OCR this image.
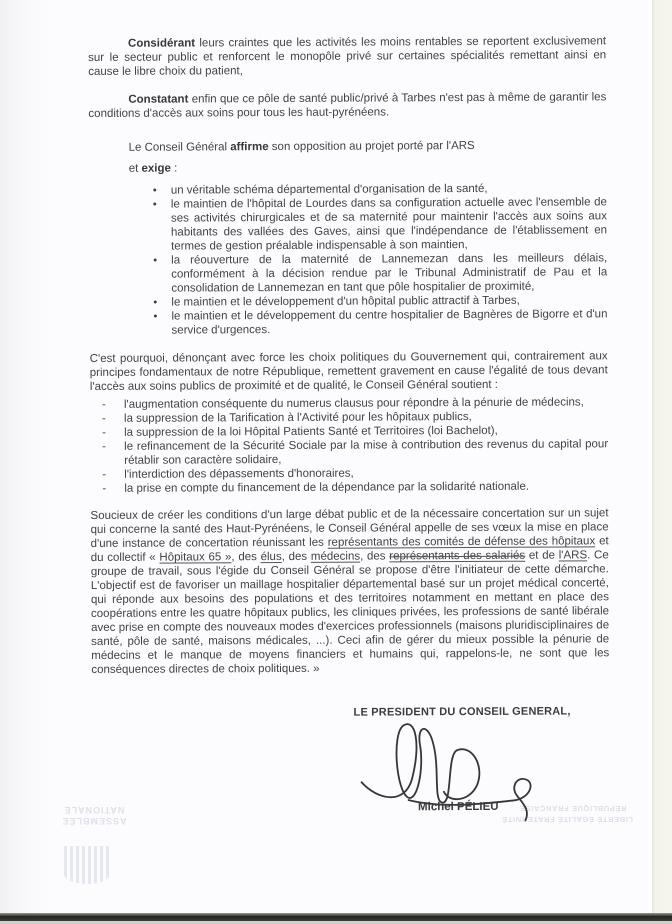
ASSEMBLÉE
NATIONALE
LIBERTÉ ÉGALITÉ FRATERNITÉ
RÉPUBLIQUE FRANÇAISE

Considérant leurs craintes que les activités les moins rentables se reportent exclusivement sur le secteur public et renforcent le monopôle privé sur certaines spécialités remettant ainsi en cause le libre choix du patient,

Constatant enfin que ce pôle de santé public/privé à Tarbes n'est pas à même de garantir les conditions d'accès aux soins pour tous les haut-pyrénéens.

Le Conseil Général affirme son opposition au projet porté par l'ARS

et exige :

• un véritable schéma départemental d'organisation de la santé,
• le maintien de l'hôpital de Lourdes dans sa configuration actuelle avec l'ensemble de ses activités chirurgicales et de sa maternité pour maintenir l'accès aux soins aux habitants des vallées des Gaves, ainsi que l'indépendance de l'établissement en termes de gestion préalable indispensable à son maintien,
• la réouverture de la maternité de Lannemezan dans les meilleurs délais, conformément à la décision rendue par le Tribunal Administratif de Pau et la consolidation de Lannemezan en tant que pôle hospitalier de proximité,
• le maintien et le développement d'un hôpital public attractif à Tarbes,
• le maintien et le développement du centre hospitalier de Bagnères de Bigorre et d'un service d'urgences.

C'est pourquoi, dénonçant avec force les choix politiques du Gouvernement qui, contrairement aux principes fondamentaux de notre République, remettent gravement en cause l'égalité de tous devant l'accès aux soins publics de proximité et de qualité, le Conseil Général soutient :

- l'augmentation conséquente du numerus clausus pour répondre à la pénurie de médecins,
- la suppression de la Tarification à l'Activité pour les hôpitaux publics,
- la suppression de la loi Hôpital Patients Santé et Territoires (loi Bachelot),
- le refinancement de la Sécurité Sociale par la mise à contribution des revenus du capital pour rétablir son caractère solidaire,
- l'interdiction des dépassements d'honoraires,
- la prise en compte du financement de la dépendance par la solidarité nationale.

Soucieux de créer les conditions d'un large débat public et de la nécessaire concertation sur un sujet qui concerne la santé des Haut-Pyrénéens, le Conseil Général appelle de ses vœux la mise en place d'une instance de concertation réunissant les représentants des comités de défense des hôpitaux et du collectif « Hôpitaux 65 », des élus, des médecins, des représentants des salariés et de l'ARS. Ce groupe de travail, sous l'égide du Conseil Général se propose d'être l'initiateur de cette démarche. L'objectif est de favoriser un maillage hospitalier départemental basé sur un projet médical concerté, qui réponde aux besoins des populations et des territoires notamment en mettant en place des coopérations entre les quatre hôpitaux publics, les cliniques privées, les professions de santé libérale avec prise en compte des nouveaux modes d'exercices professionnels (maisons pluridisciplinaires de santé, pôle de santé, maisons médicales, ...). Ceci afin de gérer du mieux possible la pénurie de médecins et le manque de moyens financiers et humains qui, rappelons-le, ne sont que les conséquences directes de choix politiques. »

LE PRESIDENT DU CONSEIL GENERAL,
Michel PÉLIEU
